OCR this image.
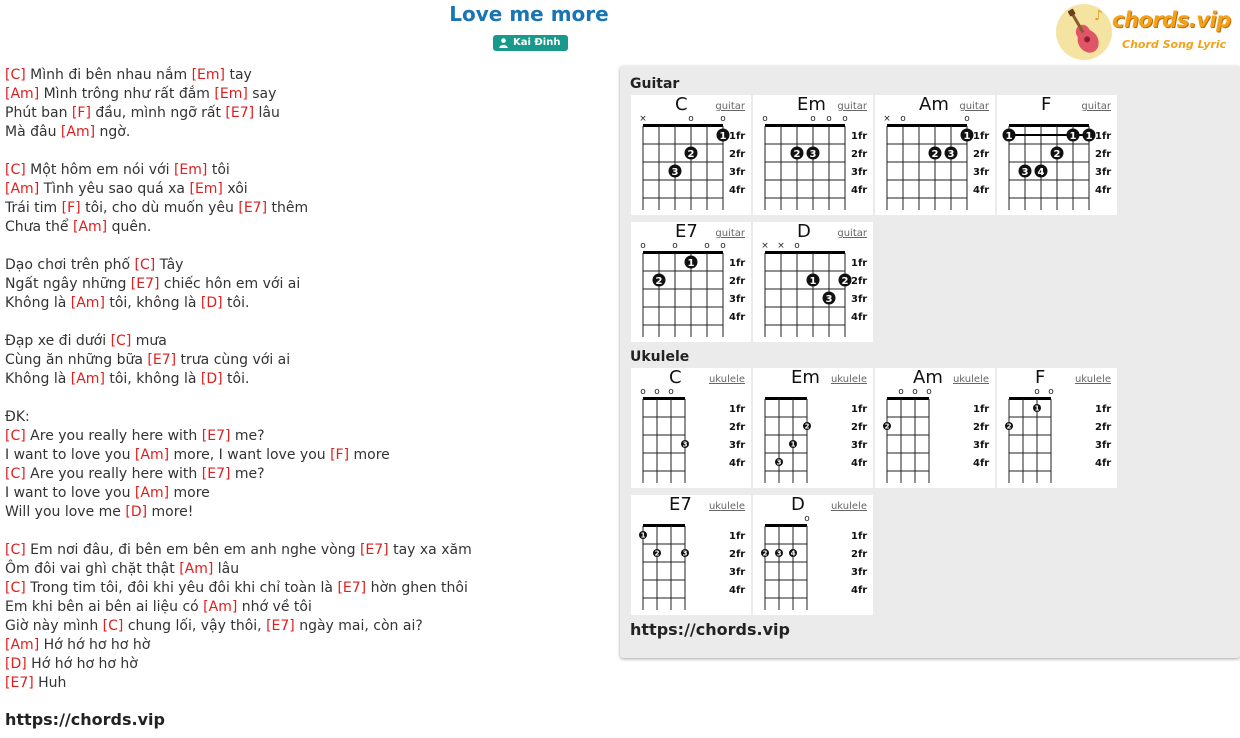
Love me more
Kai Đinh
♪ chords.vip
Chord Song Lyric
[C] Mình đi bên nhau nắm [Em] tay
[Am] Mình trông như rất đắm [Em] say
Phút ban [F] đầu, mình ngỡ rất [E7] lâu
Mà đâu [Am] ngờ.
[C] Một hôm em nói với [Em] tôi
[Am] Tình yêu sao quá xa [Em] xôi
Trái tim [F] tôi, cho dù muốn yêu [E7] thêm
Chưa thể [Am] quên.
Dạo chơi trên phố [C] Tây
Ngất ngây những [E7] chiếc hôn em với ai
Không là [Am] tôi, không là [D] tôi.
Đạp xe đi dưới [C] mưa
Cùng ăn những bữa [E7] trưa cùng với ai
Không là [Am] tôi, không là [D] tôi.
ĐK:
[C] Are you really here with [E7] me?
I want to love you [Am] more, I want love you [F] more
[C] Are you really here with [E7] me?
I want to love you [Am] more
Will you love me [D] more!
[C] Em nơi đâu, đi bên em bên em anh nghe vòng [E7] tay xa xăm
Ôm đôi vai ghì chặt thật [Am] lâu
[C] Trong tim tôi, đôi khi yêu đôi khi chỉ toàn là [E7] hờn ghen thôi
Em khi bên ai bên ai liệu có [Am] nhớ về tôi
Giờ này mình [C] chung lối, vậy thôi, [E7] ngày mai, còn ai?
[Am] Hớ hớ hơ hơ hờ
[D] Hớ hớ hơ hơ hờ
[E7] Huh
https://chords.vip
Guitar
Ukulele
https://chords.vip
×	o	o
1
2
3
1fr
2fr
3fr
4fr
C	guitar
o	o o o
2 3
1fr
2fr
3fr
4fr
Em guitar
× o	o
1
2 3
1fr
2fr
3fr
4fr
Am guitar
1	1 1
2
3 4
1fr
2fr
3fr
4fr
F	guitar
o	o	o o
1
2
1fr
2fr
3fr
4fr
E7 guitar
× × o
1	2
3
1fr
2fr
3fr
4fr
D	guitar
o o o
3
1fr
2fr
3fr
4fr
C	ukulele
2
1
3
1fr
2fr
3fr
4fr
Em ukulele
o o o
2
1fr
2fr
3fr
4fr
Am ukulele
o o
1
2
1fr
2fr
3fr
4fr
F	ukulele
1
2	3
1fr
2fr
3fr
4fr
E7 ukulele
o
2 3 4
1fr
2fr
3fr
4fr
D	ukulele
